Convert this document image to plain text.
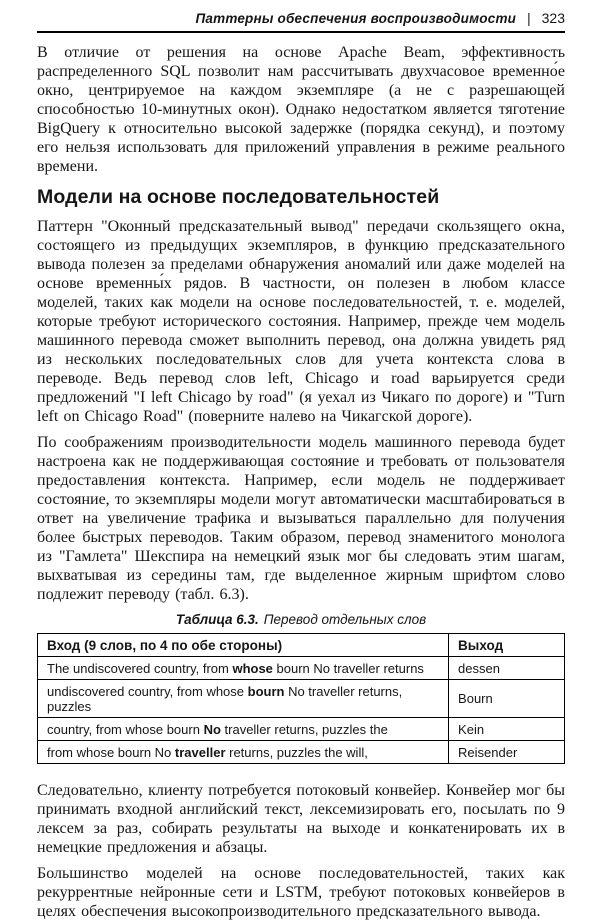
Паттерны обеспечения воспроизводимости | 323

В отличие от решения на основе Apache Beam, эффективность распределенного SQL позволит нам рассчитывать двухчасовое временно́е окно, центрируемое на каждом экземпляре (а не с разрешающей способностью 10-минутных окон). Однако недостатком является тяготение BigQuery к относительно высокой задержке (порядка секунд), и поэтому его нельзя использовать для приложений управления в режиме реального времени.

Модели на основе последовательностей

Паттерн "Оконный предсказательный вывод" передачи скользящего окна, состоящего из предыдущих экземпляров, в функцию предсказательного вывода полезен за пределами обнаружения аномалий или даже моделей на основе временны́х рядов. В частности, он полезен в любом классе моделей, таких как модели на основе последовательностей, т. е. моделей, которые требуют исторического состояния. Например, прежде чем модель машинного перевода сможет выполнить перевод, она должна увидеть ряд из нескольких последовательных слов для учета контекста слова в переводе. Ведь перевод слов left, Chicago и road варьируется среди предложений "I left Chicago by road" (я уехал из Чикаго по дороге) и "Turn left on Chicago Road" (поверните налево на Чикагской дороге).

По соображениям производительности модель машинного перевода будет настроена как не поддерживающая состояние и требовать от пользователя предоставления контекста. Например, если модель не поддерживает состояние, то экземпляры модели могут автоматически масштабироваться в ответ на увеличение трафика и вызываться параллельно для получения более быстрых переводов. Таким образом, перевод знаменитого монолога из "Гамлета" Шекспира на немецкий язык мог бы следовать этим шагам, выхватывая из середины там, где выделенное жирным шрифтом слово подлежит переводу (табл. 6.3).

Таблица 6.3. Перевод отдельных слов
Вход (9 слов, по 4 по обе стороны)	Выход
The undiscovered country, from whose bourn No traveller returns	dessen
undiscovered country, from whose bourn No traveller returns, puzzles	Bourn
country, from whose bourn No traveller returns, puzzles the	Kein
from whose bourn No traveller returns, puzzles the will,	Reisender

Следовательно, клиенту потребуется потоковый конвейер. Конвейер мог бы принимать входной английский текст, лексемизировать его, посылать по 9 лексем за раз, собирать результаты на выходе и конкатенировать их в немецкие предложения и абзацы.

Большинство моделей на основе последовательностей, таких как рекуррентные нейронные сети и LSTM, требуют потоковых конвейеров в целях обеспечения высокопроизводительного предсказательного вывода.
